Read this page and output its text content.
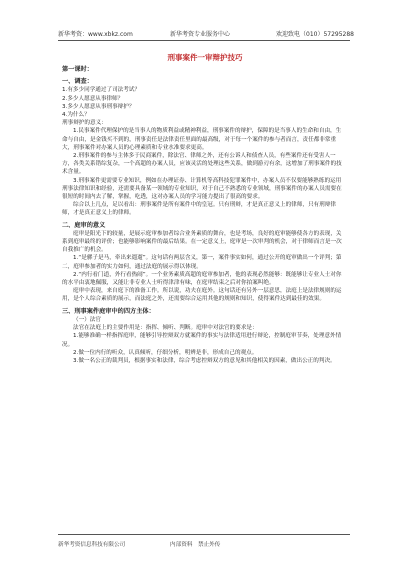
新华考资：www.xbkz.com	新华考资专业服务中心	欢迎致电（010）57295288
刑事案件一审辩护技巧

第一课时：

一、调查：

1.有多少同学通过了司法考试？

2.多少人愿意从事律师？

3.多少人愿意从事刑事辩护？

4.为什么？

刑事辩护的意义：

1.民事案件代理保护的是当事人的物质利益或精神利益，刑事案件的辩护，保障的是当事人的生命和自由，生命与自由，是金钱买不到的，刑事责任是法律责任里面的最高级，对于每一个案件的参与者而言，责任都非常重大，刑事案件对办案人员的心理素质和专业水准要求更高。

2.刑事案件的参与主体多于民商案件，除法官、律师之外，还有公诉人和侦查人员，有些案件还有受害人一方，各类关系错综复杂，一个高超的办案人员，应该灵活的处理这些关系，做到游刃有余，这增加了刑事案件的技术含量。

3.刑事案件更需要专业知识，例如在办理证券、计算机等高科技犯罪案件中，办案人员不仅要能够熟练的运用刑事法律知识和经验，还需要具备某一领域的专业知识，对于自己不熟悉的专业领域，刑事案件的办案人员需要在很短的时间内去了解，掌握，吃透，这对办案人员的学习能力提出了很高的要求。

综合以上几点，足以看出：刑事案件是所有案件中的皇冠。只有刑辩，才是真正意义上的律师，只有刑辩律师，才是真正意义上的律师。

二、庭审的意义

庭审是阳光下的较量，是展示庭审参加者综合业务素质的舞台，也是考场，良好的庭审能够使各方的表现，关系到庭审最终的评价；也能够影响案件的最后结果。在一定意义上，庭审是一次审判的机会，对于律师而言是一次自我推广的机会。

1.“是骡子是马，牵出来遛遛”。这句话有两层含义，第一，案件事实如何，通过公开的庭审做出一个评判；第二，庭审参加者的实力如何，通过法庭的展示得以体现。

2.“内行看门道，外行看热闹”。一个业务素质高超的庭审参加者，他的表现必然能够：既能够让专业人士对你的水平由衷地佩服，又能让非专业人士听得津津有味，在庭审结束之后对你拍案叫绝。

庭审中表现，来自庭下的准备工作。所以说，功夫在庭外。这句话还有另外一层意思，法庭上是法律规则的运用，是个人综合素质的展示，而法庭之外，还需要综合运用其他的规则和知识，使得案件达到最佳的效果。

三、刑事案件庭审中的四方主体：

（一）法官

法官在法庭上的主要作用是：指挥、倾听、判断。庭审中对法官的要求是：

1.能够准确一样指挥庭审，能够引导控辩双方就案件的事实与法律适用进行辩论，控制庭审节奏，处理意外情况。

2.做一位内行的听众，认真倾听，仔细分析，明辨是非，形成自己的观点。

3.做一名公正的裁判员，根据事实和法律，综合考虑控辩双方的意见和其他相关的因素，做出公正的判决。

新华考资信息科技有限公司	内部资料　禁止外传
